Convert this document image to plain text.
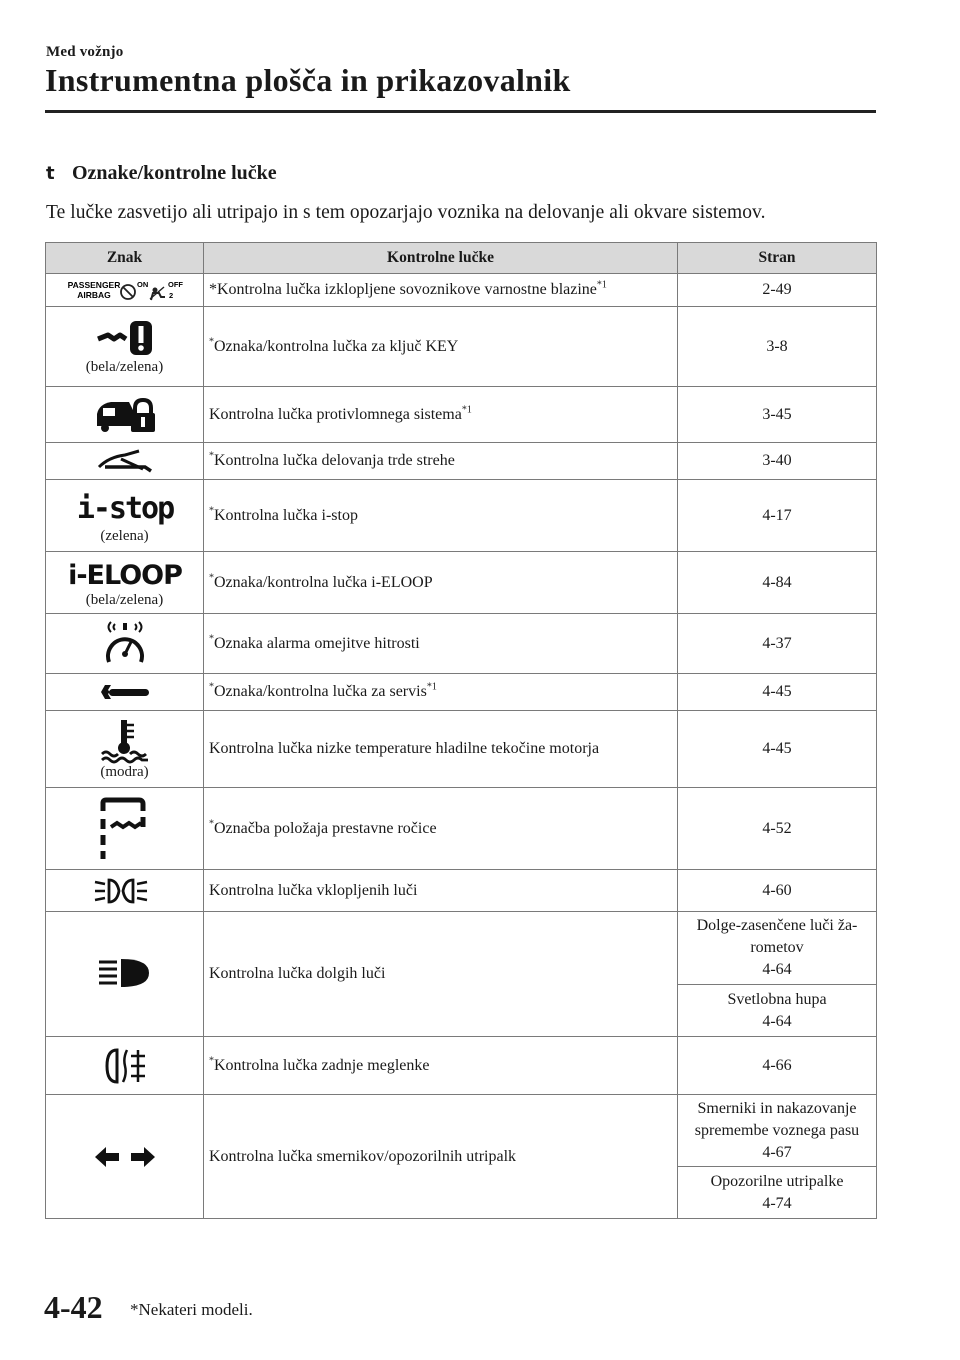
Med vožnjo
Instrumentna plošča in prikazovalnik
t Oznake/kontrolne lučke
Te lučke zasvetijo ali utripajo in s tem opozarjajo voznika na delovanje ali okvare sistemov.
Znak	Kontrolne lučke	Stran

PASSENGER
AIRBAG
ON OFF
2	*Kontrolna lučka izklopljene sovoznikove varnostne blazine$^{*1}$	2-49

(bela/zelena)	*Oznaka/kontrolna lučka za ključ KEY	3-8

	Kontrolna lučka protivlomnega sistema$^{*1}$	3-45

	*Kontrolna lučka delovanja trde strehe	3-40

i-stop
(zelena)	*Kontrolna lučka i-stop	4-17

i-ELOOP
(bela/zelena)	*Oznaka/kontrolna lučka i-ELOOP	4-84

	*Oznaka alarma omejitve hitrosti	4-37

	*Oznaka/kontrolna lučka za servis$^{*1}$	4-45

(modra)	Kontrolna lučka nizke temperature hladilne tekočine motorja	4-45

	*Označba položaja prestavne ročice	4-52

	Kontrolna lučka vklopljenih luči	4-60

	Kontrolna lučka dolgih luči	Dolge-zasenčene luči ža-
rometov
4-64

		Svetlobna hupa
4-64

	*Kontrolna lučka zadnje meglenke	4-66

	Kontrolna lučka smernikov/opozorilnih utripalk	Smerniki in nakazovanje
spremembe voznega pasu
4-67

		Opozorilne utripalke
4-74
4-42 *Nekateri modeli.
